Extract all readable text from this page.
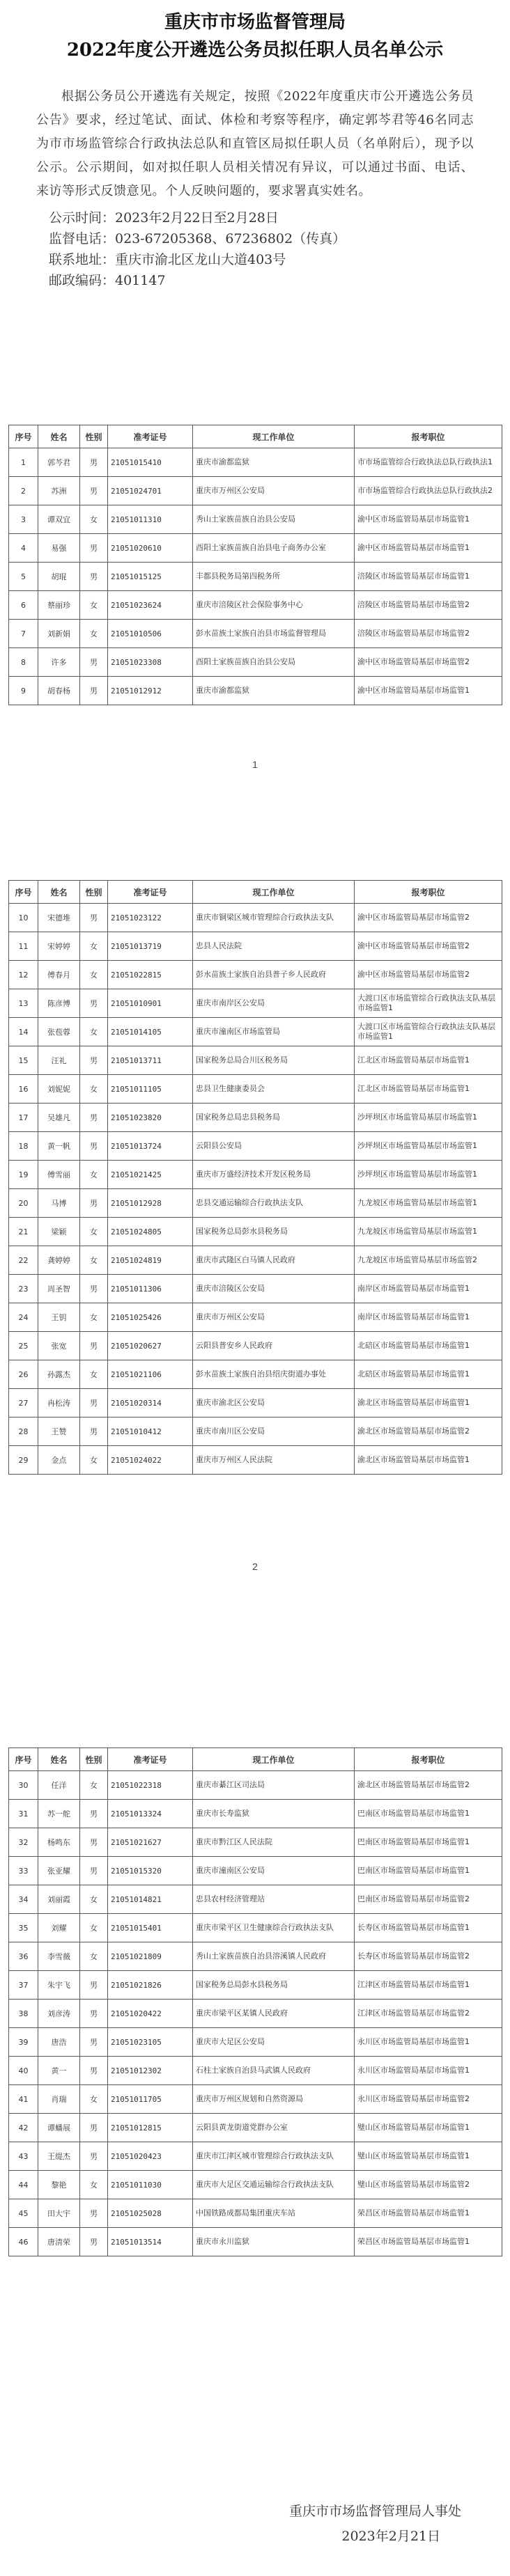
重庆市市场监督管理局
2022年度公开遴选公务员拟任职人员名单公示
根据公务员公开遴选有关规定，按照《2022年度重庆市公开遴选公务员公告》要求，经过笔试、面试、体检和考察等程序，确定郭芩君等46名同志为市市场监管综合行政执法总队和直管区局拟任职人员（名单附后），现予以公示。公示期间，如对拟任职人员相关情况有异议，可以通过书面、电话、来访等形式反馈意见。个人反映问题的，要求署真实姓名。
公示时间：2023年2月22日至2月28日
监督电话：023-67205368、67236802（传真）
联系地址：重庆市渝北区龙山大道403号
邮政编码：401147
序号	姓名	性别	准考证号	现工作单位	报考职位
1	郭芩君	男	21051015410	重庆市渝都监狱	市市场监管综合行政执法总队行政执法1
2	苏洲	男	21051024701	重庆市万州区公安局	市市场监管综合行政执法总队行政执法2
3	谭双宜	女	21051011310	秀山土家族苗族自治县公安局	渝中区市场监管局基层市场监管1
4	易强	男	21051020610	酉阳土家族苗族自治县电子商务办公室	渝中区市场监管局基层市场监管1
5	胡琨	男	21051015125	丰都县税务局第四税务所	涪陵区市场监管局基层市场监管1
6	蔡丽珍	女	21051023624	重庆市涪陵区社会保险事务中心	涪陵区市场监管局基层市场监管2
7	刘新娟	女	21051010506	彭水苗族土家族自治县市场监督管理局	涪陵区市场监管局基层市场监管2
8	许多	男	21051023308	酉阳土家族苗族自治县公安局	渝中区市场监管局基层市场监管2
9	胡春杨	男	21051012912	重庆市渝都监狱	渝中区市场监管局基层市场监管1
1
序号	姓名	性别	准考证号	现工作单位	报考职位
10	宋德堆	男	21051023122	重庆市铜梁区城市管理综合行政执法支队	渝中区市场监管局基层市场监管2
11	宋婷婷	女	21051013719	忠县人民法院	渝中区市场监管局基层市场监管2
12	傅春月	女	21051022815	彭水苗族土家族自治县普子乡人民政府	渝中区市场监管局基层市场监管2
13	陈彦博	男	21051010901	重庆市南岸区公安局	大渡口区市场监管综合行政执法支队基层市场监管1
14	张苞蓉	女	21051014105	重庆市潼南区市场监管局	大渡口区市场监管综合行政执法支队基层市场监管1
15	汪礼	男	21051013711	国家税务总局合川区税务局	江北区市场监管局基层市场监管1
16	刘妮妮	女	21051011105	忠县卫生健康委员会	江北区市场监管局基层市场监管1
17	吴雄凡	男	21051023820	国家税务总局忠县税务局	沙坪坝区市场监管局基层市场监管1
18	黄一帆	男	21051013724	云阳县公安局	沙坪坝区市场监管局基层市场监管1
19	傅雪丽	女	21051021425	重庆市万盛经济技术开发区税务局	沙坪坝区市场监管局基层市场监管1
20	马博	男	21051012928	忠县交通运输综合行政执法支队	九龙坡区市场监管局基层市场监管1
21	梁颖	女	21051024805	国家税务总局彭水县税务局	九龙坡区市场监管局基层市场监管1
22	龚婷婷	女	21051024819	重庆市武隆区白马镇人民政府	九龙坡区市场监管局基层市场监管2
23	周圣智	男	21051011306	重庆市涪陵区公安局	南岸区市场监管局基层市场监管1
24	王钥	女	21051025426	重庆市万州区公安局	南岸区市场监管局基层市场监管1
25	张宽	男	21051020627	云阳县普安乡人民政府	北碚区市场监管局基层市场监管1
26	孙露杰	女	21051021106	彭水苗族土家族自治县绍庆街道办事处	北碚区市场监管局基层市场监管1
27	冉松涛	男	21051020314	重庆市渝北区公安局	渝北区市场监管局基层市场监管1
28	王赞	男	21051010412	重庆市南川区公安局	渝北区市场监管局基层市场监管2
29	金点	女	21051024022	重庆市万州区人民法院	渝北区市场监管局基层市场监管1
2
序号	姓名	性别	准考证号	现工作单位	报考职位
30	任洋	女	21051022318	重庆市綦江区司法局	渝北区市场监管局基层市场监管2
31	苏一舵	男	21051013324	重庆市长寿监狱	巴南区市场监管局基层市场监管1
32	杨鸣东	男	21051021627	重庆市黔江区人民法院	巴南区市场监管局基层市场监管1
33	张亚耀	男	21051015320	重庆市潼南区公安局	巴南区市场监管局基层市场监管1
34	刘丽霞	女	21051014821	忠县农村经济管理站	巴南区市场监管局基层市场监管2
35	刘耀	女	21051015401	重庆市梁平区卫生健康综合行政执法支队	长寿区市场监管局基层市场监管1
36	李雪薇	女	21051021809	秀山土家族苗族自治县溶溪镇人民政府	长寿区市场监管局基层市场监管2
37	朱宇飞	男	21051021826	国家税务总局彭水县税务局	江津区市场监管局基层市场监管1
38	刘彦涛	男	21051020422	重庆市梁平区某镇人民政府	江津区市场监管局基层市场监管2
39	唐浩	男	21051023105	重庆市大足区公安局	永川区市场监管局基层市场监管1
40	黄一	男	21051012302	石柱土家族自治县马武镇人民政府	永川区市场监管局基层市场监管1
41	肖瑞	女	21051011705	重庆市万州区规划和自然资源局	永川区市场监管局基层市场监管2
42	谭蟠展	男	21051012815	云阳县黄龙街道党群办公室	璧山区市场监管局基层市场监管1
43	王缇杰	男	21051020423	重庆市江津区城市管理综合行政执法支队	璧山区市场监管局基层市场监管1
44	黎艳	女	21051011030	重庆市大足区交通运输综合行政执法支队	璧山区市场监管局基层市场监管2
45	田大宇	男	21051025028	中国铁路成都局集团重庆车站	荣昌区市场监管局基层市场监管1
46	唐清荣	男	21051013514	重庆市永川监狱	荣昌区市场监管局基层市场监管1
重庆市市场监督管理局人事处
2023年2月21日
